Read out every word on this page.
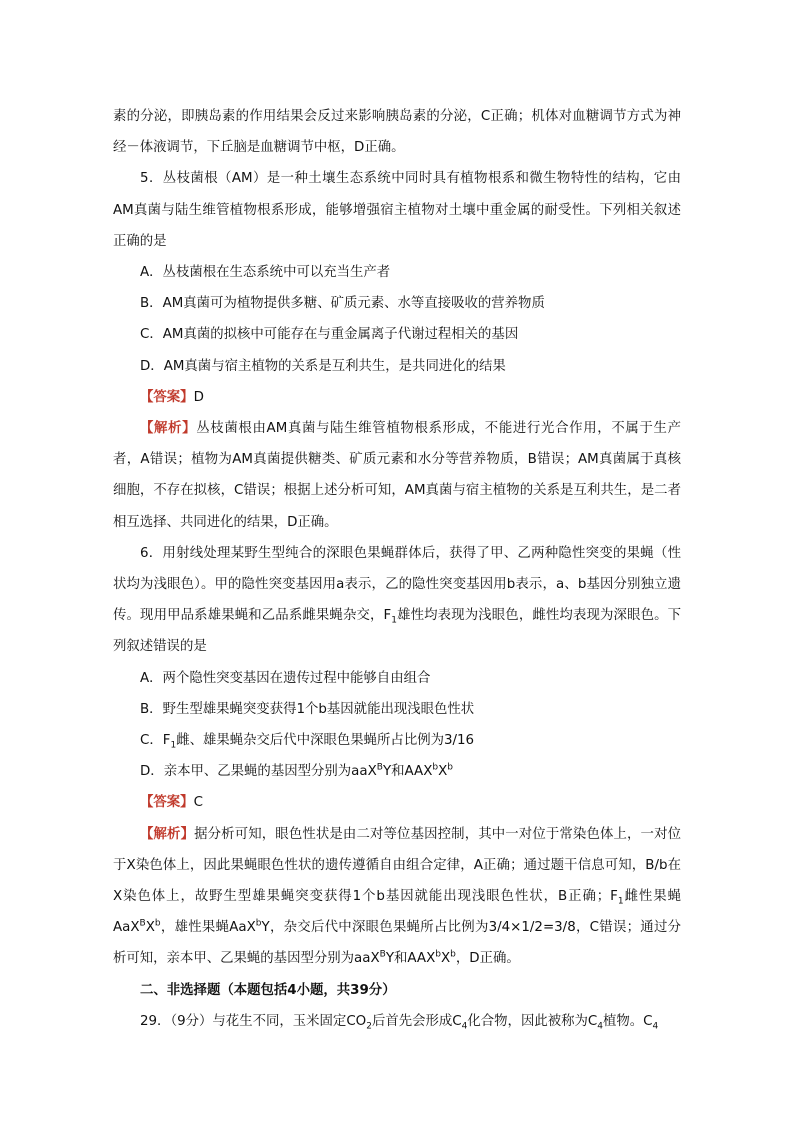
素的分泌，即胰岛素的作用结果会反过来影响胰岛素的分泌，C正确；机体对血糖调节方式为神经－体液调节，下丘脑是血糖调节中枢，D正确。

5．丛枝菌根（AM）是一种土壤生态系统中同时具有植物根系和微生物特性的结构，它由AM真菌与陆生维管植物根系形成，能够增强宿主植物对土壤中重金属的耐受性。下列相关叙述正确的是

A．丛枝菌根在生态系统中可以充当生产者

B．AM真菌可为植物提供多糖、矿质元素、水等直接吸收的营养物质

C．AM真菌的拟核中可能存在与重金属离子代谢过程相关的基因

D．AM真菌与宿主植物的关系是互利共生，是共同进化的结果

【答案】D

【解析】丛枝菌根由AM真菌与陆生维管植物根系形成，不能进行光合作用，不属于生产者，A错误；植物为AM真菌提供糖类、矿质元素和水分等营养物质，B错误；AM真菌属于真核细胞，不存在拟核，C错误；根据上述分析可知，AM真菌与宿主植物的关系是互利共生，是二者相互选择、共同进化的结果，D正确。

6．用射线处理某野生型纯合的深眼色果蝇群体后，获得了甲、乙两种隐性突变的果蝇（性状均为浅眼色）。甲的隐性突变基因用a表示，乙的隐性突变基因用b表示，a、b基因分别独立遗传。现用甲品系雄果蝇和乙品系雌果蝇杂交，$F_1$雄性均表现为浅眼色，雌性均表现为深眼色。下列叙述错误的是

A．两个隐性突变基因在遗传过程中能够自由组合

B．野生型雄果蝇突变获得1个b基因就能出现浅眼色性状

C．$F_1$雌、雄果蝇杂交后代中深眼色果蝇所占比例为3/16

D．亲本甲、乙果蝇的基因型分别为aaX$^B$Y和$AAX^bX^b$

【答案】C

【解析】据分析可知，眼色性状是由二对等位基因控制，其中一对位于常染色体上，一对位于X染色体上，因此果蝇眼色性状的遗传遵循自由组合定律，A正确；通过题干信息可知，B/b在X染色体上，故野生型雄果蝇突变获得1个b基因就能出现浅眼色性状，B正确；$F_1$雌性果蝇$AaX^BX^b$，雄性果蝇AaX$^b$Y，杂交后代中深眼色果蝇所占比例为3/4×1/2=3/8，C错误；通过分析可知，亲本甲、乙果蝇的基因型分别为aaX$^B$Y和$AAX^bX^b$，D正确。

二、非选择题（本题包括4小题，共39分）

29．（9分）与花生不同，玉米固定$CO_2$后首先会形成$C_4$化合物，因此被称为$C_4$植物。$C_4$
